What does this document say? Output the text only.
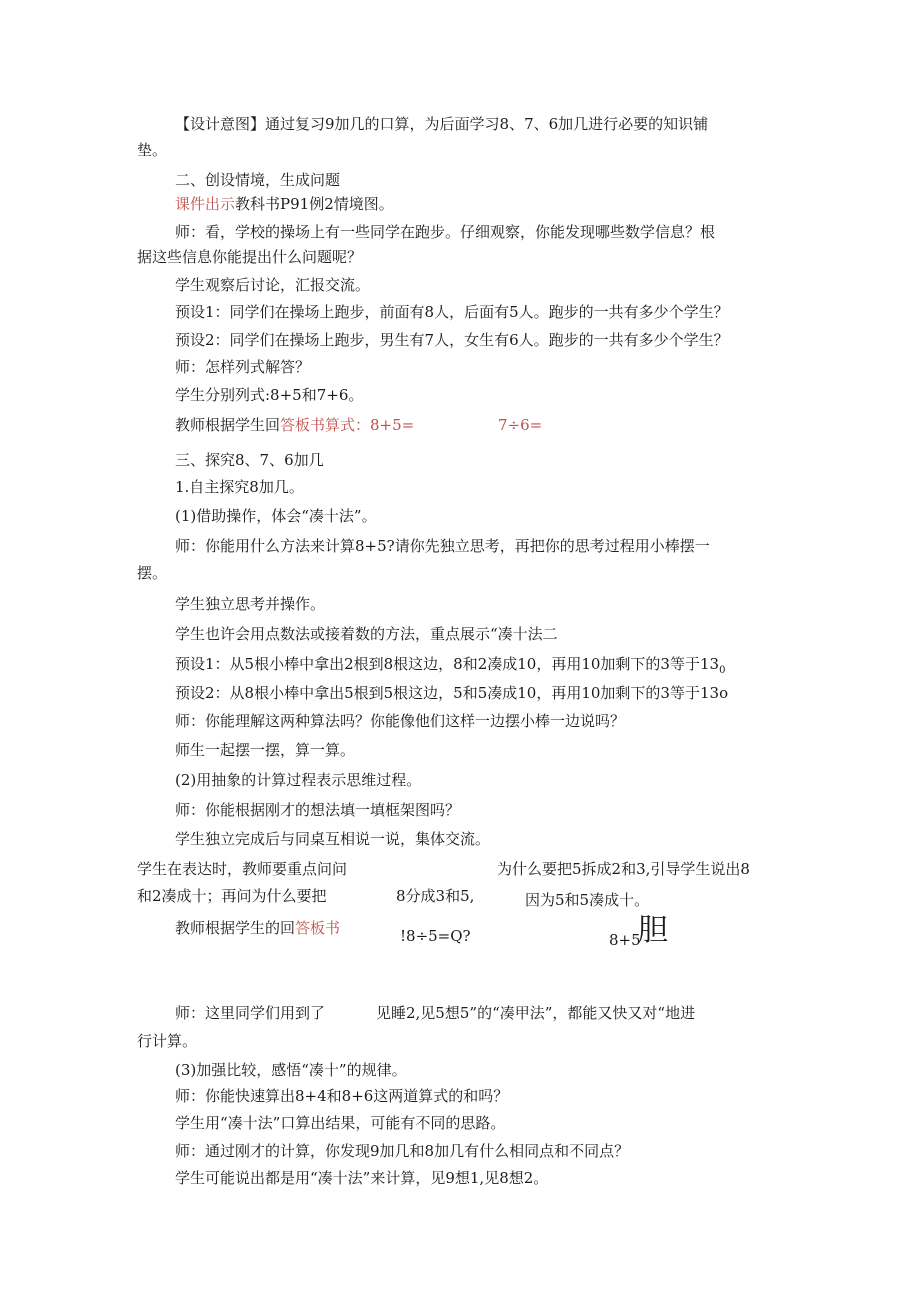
【设计意图】通过复习9加几的口算，为后面学习8、7、6加几进行必要的知识铺
垫。
二、创设情境，生成问题
课件出示教科书P91例2情境图。
师：看，学校的操场上有一些同学在跑步。仔细观察，你能发现哪些数学信息？根
据这些信息你能提出什么问题呢？
学生观察后讨论，汇报交流。
预设1：同学们在操场上跑步，前面有8人，后面有5人。跑步的一共有多少个学生？
预设2：同学们在操场上跑步，男生有7人，女生有6人。跑步的一共有多少个学生？
师：怎样列式解答？
学生分别列式:8+5和7+6。
教师根据学生回答板书算式：8+5=	7÷6=
三、探究8、7、6加几
1.自主探究8加几。
(1)借助操作，体会“凑十法”。
师：你能用什么方法来计算8+5?请你先独立思考，再把你的思考过程用小棒摆一
摆。
学生独立思考并操作。
学生也许会用点数法或接着数的方法，重点展示“凑十法二
预设1：从5根小棒中拿出2根到8根这边，8和2凑成10，再用10加剩下的3等于$13_0$
预设2：从8根小棒中拿出5根到5根这边，5和5凑成10，再用10加剩下的3等于13o
师：你能理解这两种算法吗？你能像他们这样一边摆小棒一边说吗？
师生一起摆一摆，算一算。
(2)用抽象的计算过程表示思维过程。
师：你能根据刚才的想法填一填框架图吗？
学生独立完成后与同桌互相说一说，集体交流。
学生在表达时，教师要重点问问	为什么要把5拆成2和3,引导学生说出8
和2凑成十；再问为什么要把	8分成3和5,	因为5和5凑成十。
教师根据学生的回答板书	!8÷5=Q?	8+5
胆
师：这里同学们用到了	见睡2,见5想5”的“凑甲法”，都能又快又对“地进
行计算。
(3)加强比较，感悟“凑十”的规律。
师：你能快速算出8+4和8+6这两道算式的和吗？
学生用“凑十法”口算出结果，可能有不同的思路。
师：通过刚才的计算，你发现9加几和8加几有什么相同点和不同点？
学生可能说出都是用“凑十法”来计算，见9想1,见8想2。
